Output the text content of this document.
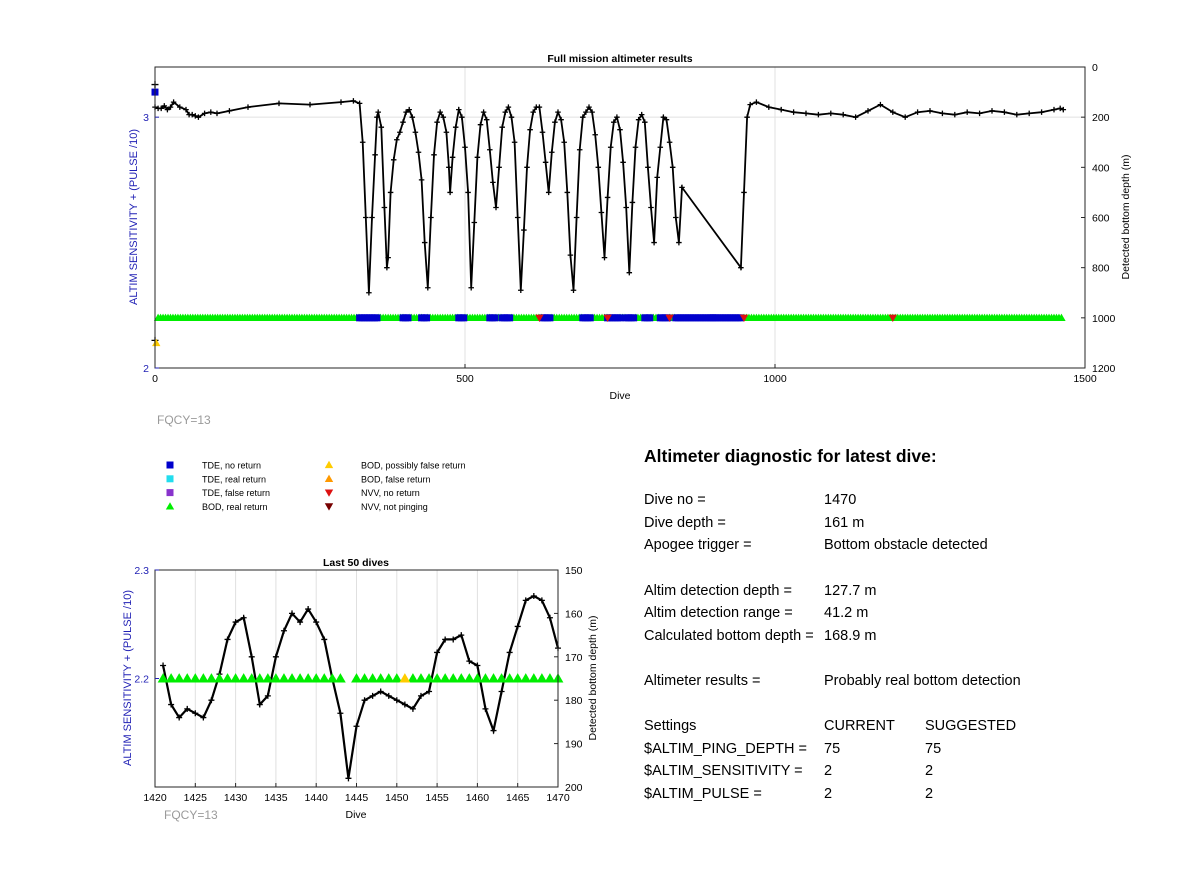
0	500	1000	1500
2
3
0
200
400
600
800
1000
1200
Full mission altimeter results
Dive
ALTIM SENSITIVITY + (PULSE /10)	Detected bottom depth (m)
FQCY=13
TDE, no return
TDE, real return
TDE, false return
BOD, real return
BOD, possibly false return
BOD, false return
NVV, no return
NVV, not pinging
1420 1425 1430 1435 1440 1445 1450 1455 1460 1465 1470
2.2
2.3	150
160
170
180
190
200
Last 50 dives
Dive
ALTIM SENSITIVITY + (PULSE /10)	Detected bottom depth (m)
FQCY=13
Altimeter diagnostic for latest dive:
Dive no =	1470
Dive depth =	161 m
Apogee trigger =	Bottom obstacle detected
Altim detection depth =	127.7 m
Altim detection range =	41.2 m
Calculated bottom depth = 168.9 m
Altimeter results =	Probably real bottom detection
Settings	CURRENT	SUGGESTED
$ALTIM_PING_DEPTH =	75	75
$ALTIM_SENSITIVITY =	2	2
$ALTIM_PULSE =	2	2
